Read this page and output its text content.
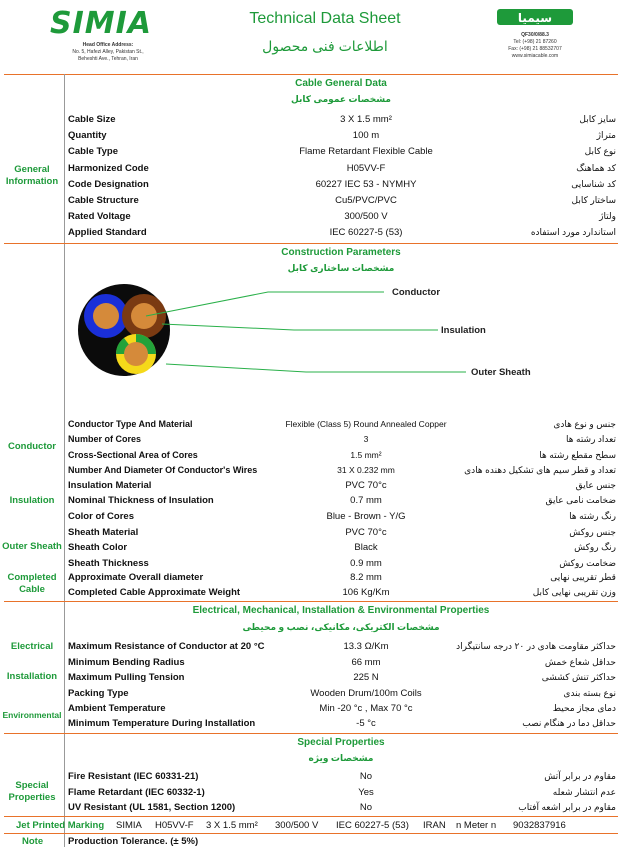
SIMIA
Head Office Address:
No. 5, Hafezi Alley, Pakistan St.,
Beheshti Ave., Tehran, Iran
Technical Data Sheet
اطلاعات فنی محصول
سیمیا
QF30/0/88.3
Tel: (+98) 21 87260
Fax: (+98) 21 88532707
www.simiacable.com
Cable General Data
مشخصات عمومی کابل
General Information
Cable Size	3 X 1.5 mm²	سایز کابل
Quantity	100 m	متراژ
Cable Type	Flame Retardant Flexible Cable	نوع کابل
Harmonized Code	H05VV-F	کد هماهنگ
Code Designation	60227 IEC 53 - NYMHY	کد شناسایی
Cable Structure	Cu5/PVC/PVC	ساختار کابل
Rated Voltage	300/500 V	ولتاژ
Applied Standard	IEC 60227-5 (53)	استاندارد مورد استفاده
Construction Parameters
مشخصات ساختاری کابل
Conductor
Insulation
Outer Sheath
Conductor
Insulation
Outer Sheath
Completed Cable
Conductor Type And Material	Flexible (Class 5) Round Annealed Copper	جنس و نوع هادی
Number of Cores	3	تعداد رشته ها
Cross-Sectional Area of Cores	1.5 mm²	سطح مقطع رشته ها
Number And Diameter Of Conductor's Wires	31 X 0.232 mm	تعداد و قطر سیم های تشکیل دهنده هادی
Insulation Material	PVC 70°c	جنس عایق
Nominal Thickness of Insulation	0.7 mm	ضخامت نامی عایق
Color of Cores	Blue - Brown - Y/G	رنگ رشته ها
Sheath Material	PVC 70°c	جنس روکش
Sheath Color	Black	رنگ روکش
Sheath Thickness	0.9 mm	ضخامت روکش
Approximate Overall diameter	8.2 mm	قطر تقریبی نهایی
Completed Cable Approximate Weight	106 Kg/Km	وزن تقریبی نهایی کابل
Electrical, Mechanical, Installation & Environmental Properties
مشخصات الکتریکی، مکانیکی، نصب و محیطی
Electrical
Installation
Environmental
Maximum Resistance of Conductor at 20 °C	13.3 Ω/Km	حداکثر مقاومت هادی در ۲۰ درجه سانتیگراد
Minimum Bending Radius	66 mm	حداقل شعاع خمش
Maximum Pulling Tension	225 N	حداکثر تنش کششی
Packing Type	Wooden Drum/100m Coils	نوع بسته بندی
Ambient Temperature	Min -20 °c , Max 70 °c	دمای مجاز محیط
Minimum Temperature During Installation	-5 °c	حداقل دما در هنگام نصب
Special Properties
مشخصات ویژه
Special Properties
Fire Resistant (IEC 60331-21)	No	مقاوم در برابر آتش
Flame Retardant (IEC 60332-1)	Yes	عدم انتشار شعله
UV Resistant (UL 1581, Section 1200)	No	مقاوم در برابر اشعه آفتاب
Jet Printed Marking SIMIA H05VV-F 3 X 1.5 mm² 300/500 V IEC 60227-5 (53) IRAN n Meter n 9032837916
Note	Production Tolerance. (± 5%)
